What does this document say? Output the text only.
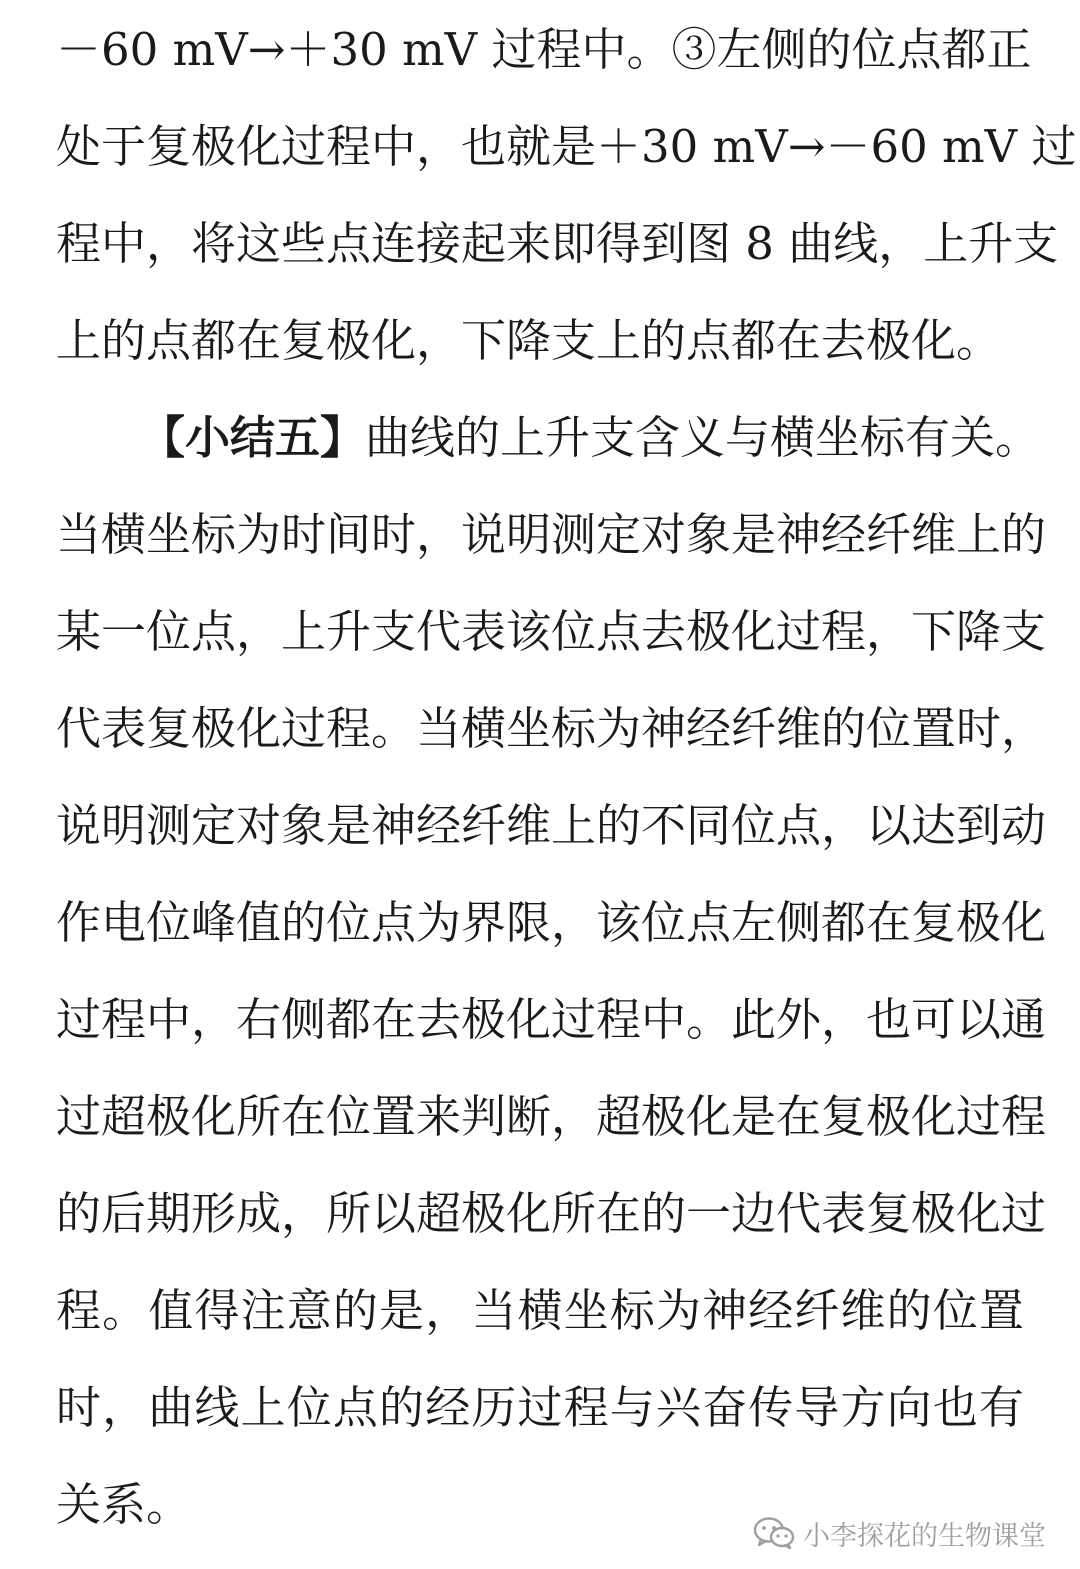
－60 mV→＋30 mV 过程中。③左侧的位点都正
处于复极化过程中，也就是＋30 mV→－60 mV 过
程中，将这些点连接起来即得到图 8 曲线，上升支
上的点都在复极化，下降支上的点都在去极化。
【小结五】曲线的上升支含义与横坐标有关。
当横坐标为时间时，说明测定对象是神经纤维上的
某一位点，上升支代表该位点去极化过程，下降支
代表复极化过程。当横坐标为神经纤维的位置时，
说明测定对象是神经纤维上的不同位点，以达到动
作电位峰值的位点为界限，该位点左侧都在复极化
过程中，右侧都在去极化过程中。此外，也可以通
过超极化所在位置来判断，超极化是在复极化过程
的后期形成，所以超极化所在的一边代表复极化过
程。值得注意的是，当横坐标为神经纤维的位置
时，曲线上位点的经历过程与兴奋传导方向也有
关系。
小李探花的生物课堂
